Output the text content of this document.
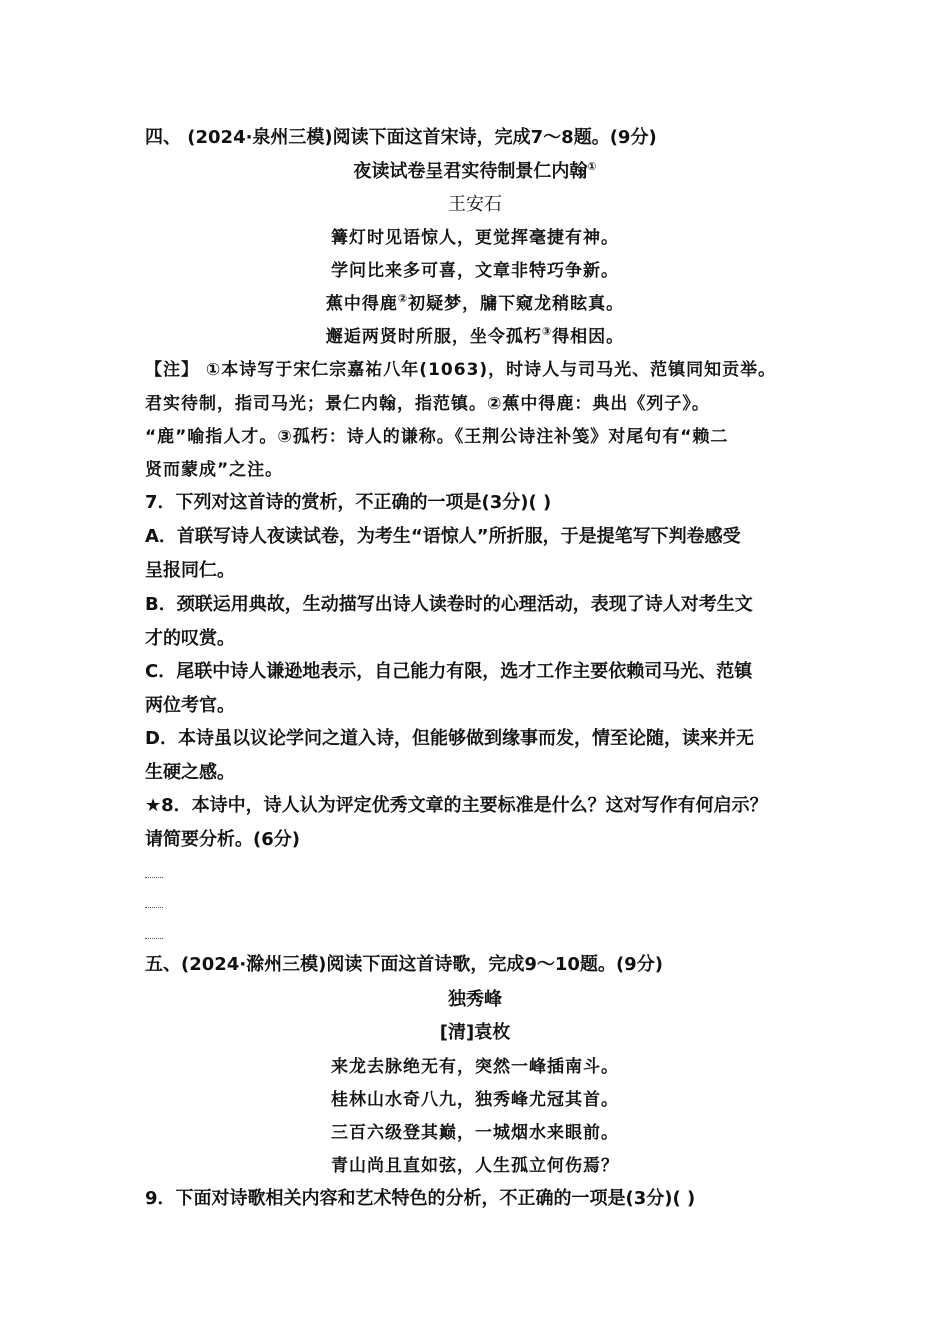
四、 (2024·泉州三模)阅读下面这首宋诗，完成7～8题。(9分)
夜读试卷呈君实待制景仁内翰①
王安石
篝灯时见语惊人，更觉挥毫捷有神。
学问比来多可喜，文章非特巧争新。
蕉中得鹿②初疑梦，牖下窥龙稍眩真。
邂逅两贤时所服，坐令孤朽③得相因。
【注】 ①本诗写于宋仁宗嘉祐八年(1063)，时诗人与司马光、范镇同知贡举。
君实待制，指司马光；景仁内翰，指范镇。②蕉中得鹿：典出《列子》。
“鹿”喻指人才。③孤朽：诗人的谦称。《王荆公诗注补笺》对尾句有“赖二
贤而蒙成”之注。
7．下列对这首诗的赏析，不正确的一项是(3分)( )
A．首联写诗人夜读试卷，为考生“语惊人”所折服，于是提笔写下判卷感受
呈报同仁。
B．颈联运用典故，生动描写出诗人读卷时的心理活动，表现了诗人对考生文
才的叹赏。
C．尾联中诗人谦逊地表示，自己能力有限，选才工作主要依赖司马光、范镇
两位考官。
D．本诗虽以议论学问之道入诗，但能够做到缘事而发，情至论随，读来并无
生硬之感。
★8．本诗中，诗人认为评定优秀文章的主要标准是什么？这对写作有何启示？
请简要分析。(6分)
五、(2024·滁州三模)阅读下面这首诗歌，完成9～10题。(9分)
独秀峰
[清]袁枚
来龙去脉绝无有，突然一峰插南斗。
桂林山水奇八九，独秀峰尤冠其首。
三百六级登其巅，一城烟水来眼前。
青山尚且直如弦，人生孤立何伤焉？
9．下面对诗歌相关内容和艺术特色的分析，不正确的一项是(3分)( )
